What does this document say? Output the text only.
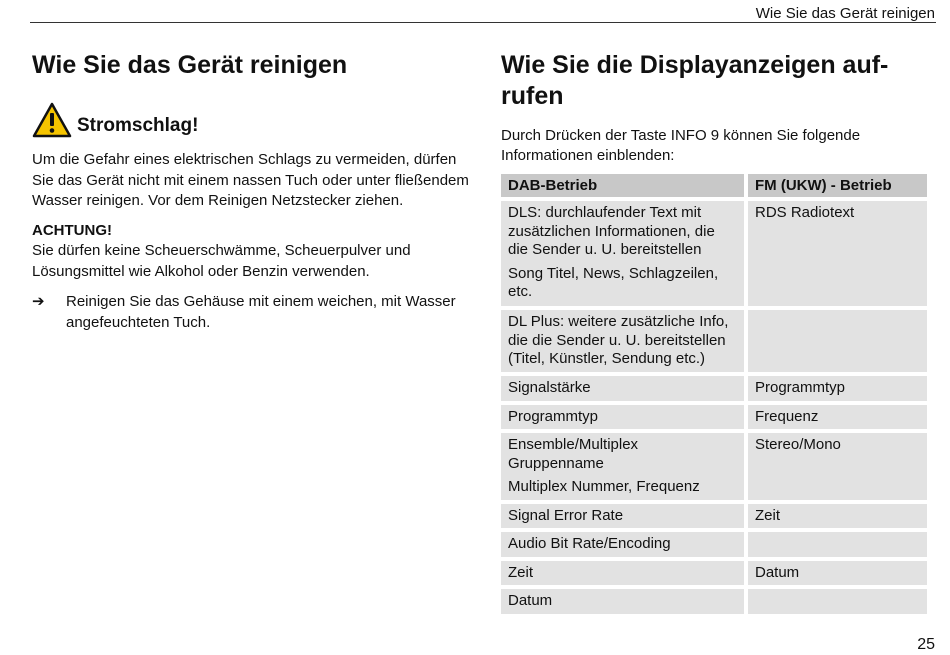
Wie Sie das Gerät reinigen
Wie Sie das Gerät reinigen
Stromschlag!

Um die Gefahr eines elektrischen Schlags zu vermeiden, dürfen Sie das Gerät nicht mit einem nassen Tuch oder unter fließendem Wasser reinigen. Vor dem Reinigen Netzstecker ziehen.

ACHTUNG!

Sie dürfen keine Scheuerschwämme, Scheuerpulver und Lösungsmittel wie Alkohol oder Benzin verwenden.

➔	Reinigen Sie das Gehäuse mit einem weichen, mit Wasser angefeuchteten Tuch.
Wie Sie die Displayanzeigen auf-
rufen

Durch Drücken der Taste INFO 9 können Sie folgende Informationen einblenden:

DAB-Betrieb	FM (UKW) - Betrieb

DLS: durchlaufender Text mit zusätzlichen Informationen, die die Sender u. U. bereitstellen
Song Titel, News, Schlagzeilen, etc.	RDS Radiotext

DL Plus: weitere zusätzliche Info, die die Sender u. U. bereitstellen (Titel, Künstler, Sendung etc.)	

Signalstärke	Programmtyp
Programmtyp	Frequenz

Ensemble/Multiplex Gruppenname
Multiplex Nummer, Frequenz	Stereo/Mono
Signal Error Rate	Zeit
Audio Bit Rate/Encoding	
Zeit	Datum
Datum	
25
